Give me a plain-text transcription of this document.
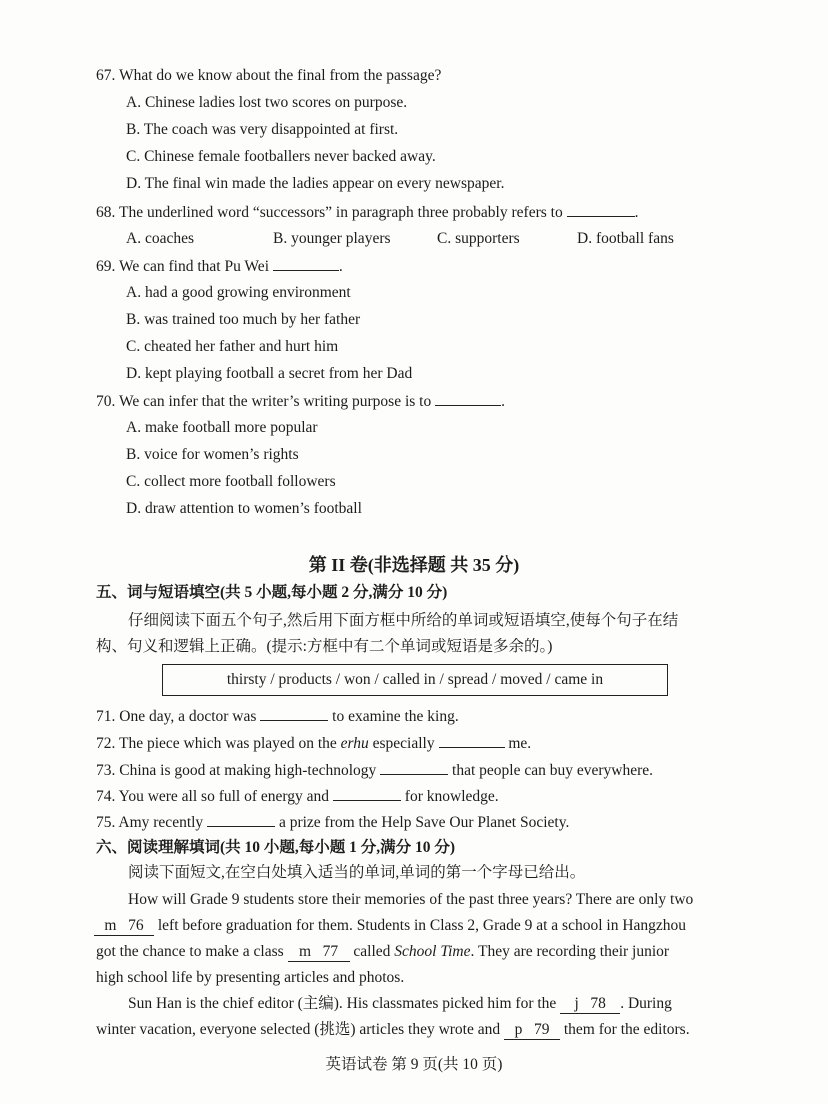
67. What do we know about the final from the passage?
A. Chinese ladies lost two scores on purpose.
B. The coach was very disappointed at first.
C. Chinese female footballers never backed away.
D. The final win made the ladies appear on every newspaper.
68. The underlined word “successors” in paragraph three probably refers to	.
A. coaches	B. younger players	C. supporters	D. football fans
69. We can find that Pu Wei	.
A. had a good growing environment
B. was trained too much by her father
C. cheated her father and hurt him
D. kept playing football a secret from her Dad
70. We can infer that the writer’s writing purpose is to	.
A. make football more popular
B. voice for women’s rights
C. collect more football followers
D. draw attention to women’s football
第 II 卷(非选择题 共 35 分)
五、词与短语填空(共 5 小题,每小题 2 分,满分 10 分)
仔细阅读下面五个句子,然后用下面方框中所给的单词或短语填空,使每个句子在结
构、句义和逻辑上正确。(提示:方框中有二个单词或短语是多余的。)
thirsty / products / won / called in / spread / moved / came in
71. One day, a doctor was	to examine the king.
72. The piece which was played on the erhu especially	me.
73. China is good at making high-technology	that people can buy everywhere.
74. You were all so full of energy and	for knowledge.
75. Amy recently	a prize from the Help Save Our Planet Society.
六、阅读理解填词(共 10 小题,每小题 1 分,满分 10 分)
阅读下面短文,在空白处填入适当的单词,单词的第一个字母已给出。
How will Grade 9 students store their memories of the past three years? There are only two
m   76 left before graduation for them. Students in Class 2, Grade 9 at a school in Hangzhou
got the chance to make a class m   77 called School Time. They are recording their junior
high school life by presenting articles and photos.
Sun Han is the chief editor (主编). His classmates picked him for the j   78 . During
winter vacation, everyone selected (挑选) articles they wrote and p   79 them for the editors.
英语试卷 第 9 页(共 10 页)
